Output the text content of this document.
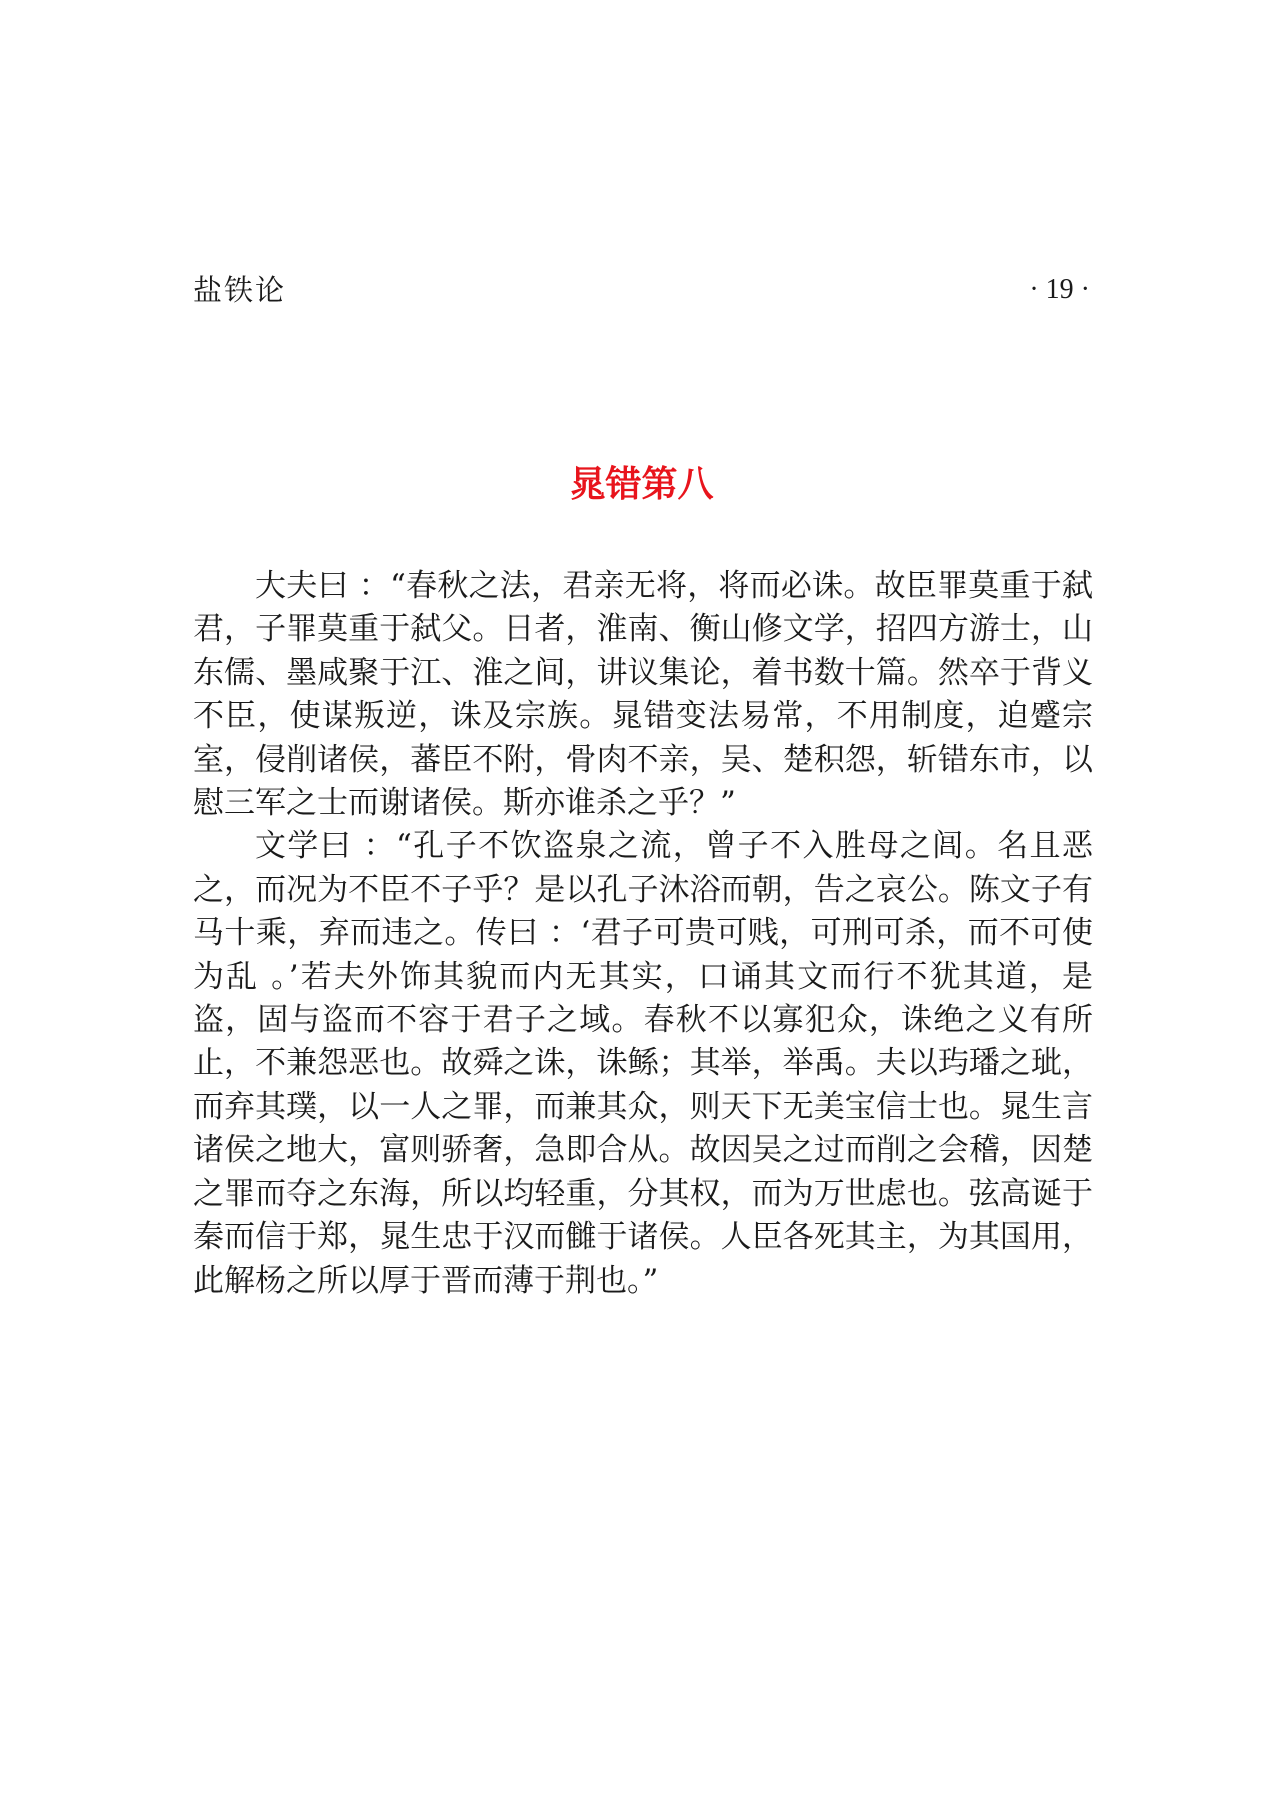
盐铁论	· 19 ·
晁错第八

大夫曰 ：“春秋之法，君亲无将，将而必诛。故臣罪莫重于弑君，子罪莫重于弑父。日者，淮南、衡山修文学，招四方游士，山东儒、墨咸聚于江、淮之间，讲议集论，着书数十篇。然卒于背义不臣，使谋叛逆，诛及宗族。晁错变法易常，不用制度，迫蹙宗室，侵削诸侯，蕃臣不附，骨肉不亲，吴、楚积怨，斩错东市，以慰三军之士而谢诸侯。斯亦谁杀之乎？”

文学曰 ：“孔子不饮盗泉之流，曾子不入胜母之闾。名且恶之，而况为不臣不子乎？是以孔子沐浴而朝，告之哀公。陈文子有马十乘，弃而违之。传曰 ：‘君子可贵可贱，可刑可杀，而不可使为乱 。’若夫外饰其貌而内无其实，口诵其文而行不犹其道，是盗，固与盗而不容于君子之域。春秋不以寡犯众，诛绝之义有所止，不兼怨恶也。故舜之诛，诛鲧；其举，举禹。夫以玙璠之玼，而弃其璞，以一人之罪，而兼其众，则天下无美宝信士也。晁生言诸侯之地大，富则骄奢，急即合从。故因吴之过而削之会稽，因楚之罪而夺之东海，所以均轻重，分其权，而为万世虑也。弦高诞于秦而信于郑，晁生忠于汉而雠于诸侯。人臣各死其主，为其国用，此解杨之所以厚于晋而薄于荆也。”
